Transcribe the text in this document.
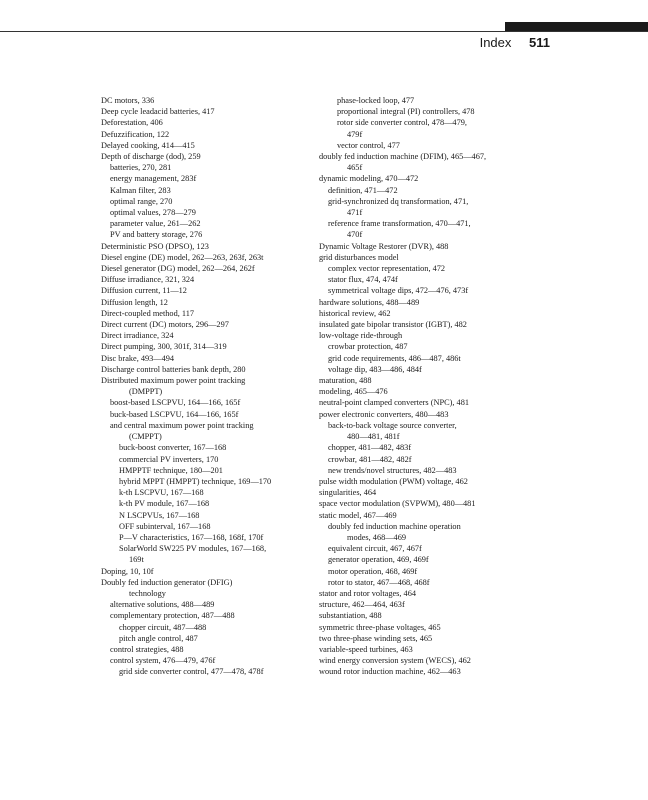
Index 511
DC motors, 336
Deep cycle leadacid batteries, 417
Deforestation, 406
Defuzzification, 122
Delayed cooking, 414—415
Depth of discharge (dod), 259
batteries, 270, 281
energy management, 283f
Kalman filter, 283
optimal range, 270
optimal values, 278—279
parameter value, 261—262
PV and battery storage, 276
Deterministic PSO (DPSO), 123
Diesel engine (DE) model, 262—263, 263f, 263t
Diesel generator (DG) model, 262—264, 262f
Diffuse irradiance, 321, 324
Diffusion current, 11—12
Diffusion length, 12
Direct-coupled method, 117
Direct current (DC) motors, 296—297
Direct irradiance, 324
Direct pumping, 300, 301f, 314—319
Disc brake, 493—494
Discharge control batteries bank depth, 280
Distributed maximum power point tracking
(DMPPT)
boost-based LSCPVU, 164—166, 165f
buck-based LSCPVU, 164—166, 165f
and central maximum power point tracking
(CMPPT)
buck-boost converter, 167—168
commercial PV inverters, 170
HMPPTF technique, 180—201
hybrid MPPT (HMPPT) technique, 169—170
k-th LSCPVU, 167—168
k-th PV module, 167—168
N LSCPVUs, 167—168
OFF subinterval, 167—168
P—V characteristics, 167—168, 168f, 170f
SolarWorld SW225 PV modules, 167—168,
169t
Doping, 10, 10f
Doubly fed induction generator (DFIG)
technology
alternative solutions, 488—489
complementary protection, 487—488
chopper circuit, 487—488
pitch angle control, 487
control strategies, 488
control system, 476—479, 476f
grid side converter control, 477—478, 478f
phase-locked loop, 477
proportional integral (PI) controllers, 478
rotor side converter control, 478—479,
479f
vector control, 477
doubly fed induction machine (DFIM), 465—467,
465f
dynamic modeling, 470—472
definition, 471—472
grid-synchronized dq transformation, 471,
471f
reference frame transformation, 470—471,
470f
Dynamic Voltage Restorer (DVR), 488
grid disturbances model
complex vector representation, 472
stator flux, 474, 474f
symmetrical voltage dips, 472—476, 473f
hardware solutions, 488—489
historical review, 462
insulated gate bipolar transistor (IGBT), 482
low-voltage ride-through
crowbar protection, 487
grid code requirements, 486—487, 486t
voltage dip, 483—486, 484f
maturation, 488
modeling, 465—476
neutral-point clamped converters (NPC), 481
power electronic converters, 480—483
back-to-back voltage source converter,
480—481, 481f
chopper, 481—482, 483f
crowbar, 481—482, 482f
new trends/novel structures, 482—483
pulse width modulation (PWM) voltage, 462
singularities, 464
space vector modulation (SVPWM), 480—481
static model, 467—469
doubly fed induction machine operation
modes, 468—469
equivalent circuit, 467, 467f
generator operation, 469, 469f
motor operation, 468, 469f
rotor to stator, 467—468, 468f
stator and rotor voltages, 464
structure, 462—464, 463f
substantiation, 488
symmetric three-phase voltages, 465
two three-phase winding sets, 465
variable-speed turbines, 463
wind energy conversion system (WECS), 462
wound rotor induction machine, 462—463
